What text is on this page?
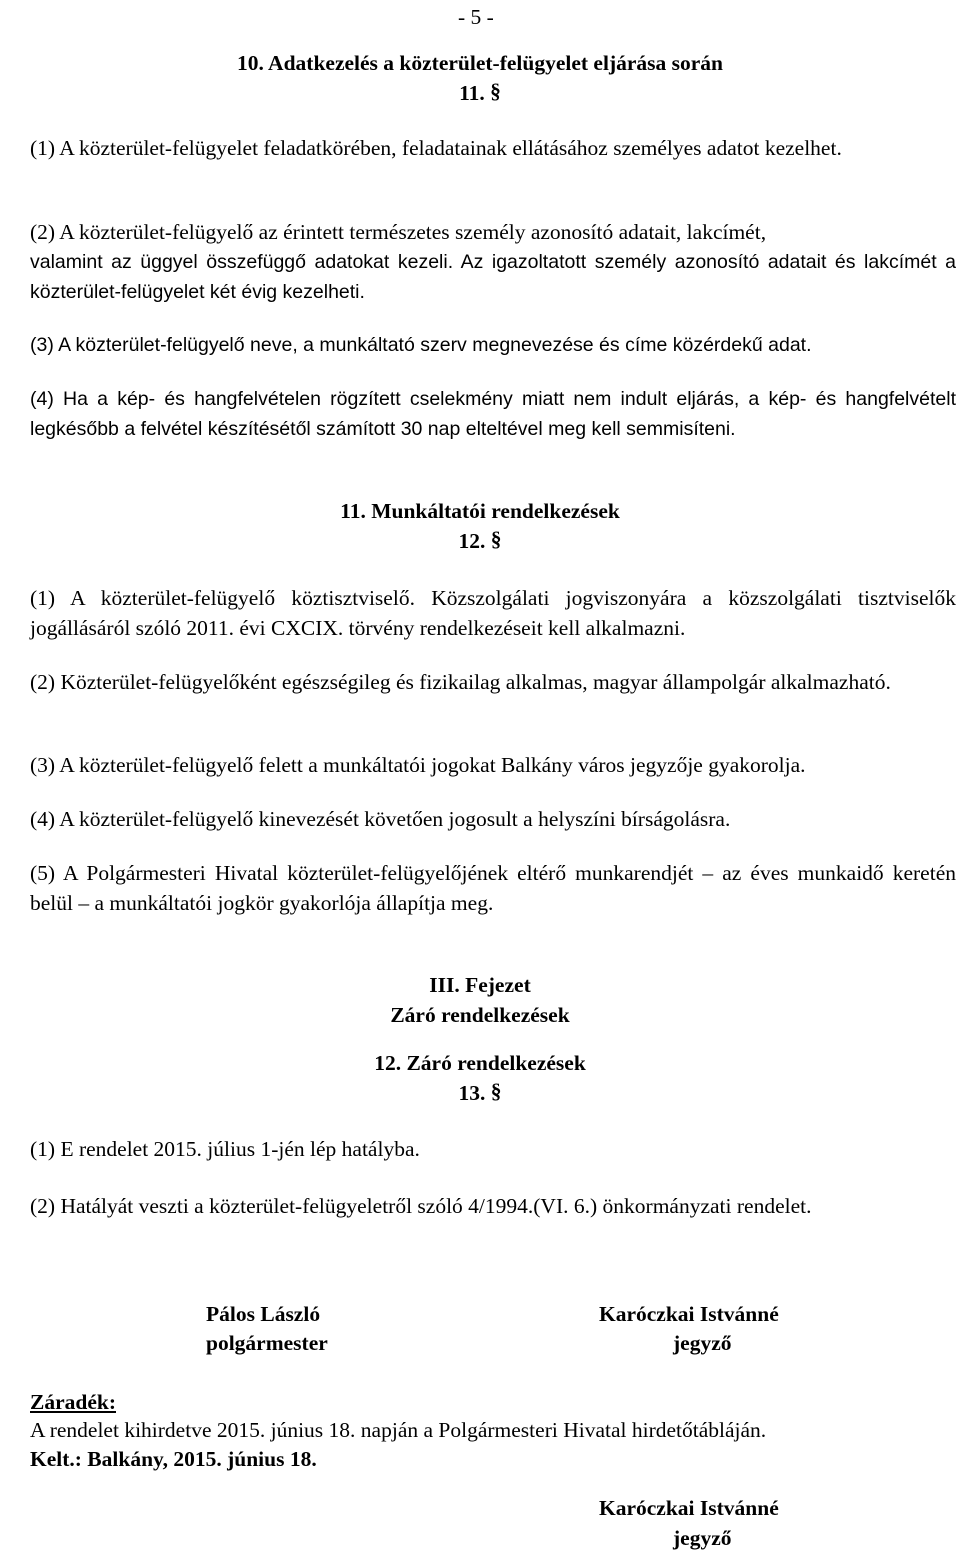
- 5 -
10. Adatkezelés a közterület-felügyelet eljárása során
11. §
(1) A közterület-felügyelet feladatkörében, feladatainak ellátásához személyes adatot kezelhet.
(2) A közterület-felügyelő az érintett természetes személy azonosító adatait, lakcímét,
valamint az üggyel összefüggő adatokat kezeli. Az igazoltatott személy azonosító adatait és lakcímét a közterület-felügyelet két évig kezelheti.
(3) A közterület-felügyelő neve, a munkáltató szerv megnevezése és címe közérdekű adat.
(4) Ha a kép- és hangfelvételen rögzített cselekmény miatt nem indult eljárás, a kép- és hangfelvételt legkésőbb a felvétel készítésétől számított 30 nap elteltével meg kell semmisíteni.
11. Munkáltatói rendelkezések
12. §
(1) A közterület-felügyelő köztisztviselő. Közszolgálati jogviszonyára a közszolgálati tisztviselők jogállásáról szóló 2011. évi CXCIX. törvény rendelkezéseit kell alkalmazni.
(2) Közterület-felügyelőként egészségileg és fizikailag alkalmas, magyar állampolgár alkalmazható.
(3) A közterület-felügyelő felett a munkáltatói jogokat Balkány város jegyzője gyakorolja.
(4) A közterület-felügyelő kinevezését követően jogosult a helyszíni bírságolásra.
(5) A Polgármesteri Hivatal közterület-felügyelőjének eltérő munkarendjét – az éves munkaidő keretén belül – a munkáltatói jogkör gyakorlója állapítja meg.
III. Fejezet
Záró rendelkezések
12. Záró rendelkezések
13. §
(1) E rendelet 2015. július 1-jén lép hatályba.
(2) Hatályát veszti a közterület-felügyeletről szóló 4/1994.(VI. 6.) önkormányzati rendelet.
Pálos László
polgármester
Karóczkai Istvánné
jegyző
Záradék:
A rendelet kihirdetve 2015. június 18. napján a Polgármesteri Hivatal hirdetőtábláján.
Kelt.: Balkány, 2015. június 18.
Karóczkai Istvánné
jegyző
